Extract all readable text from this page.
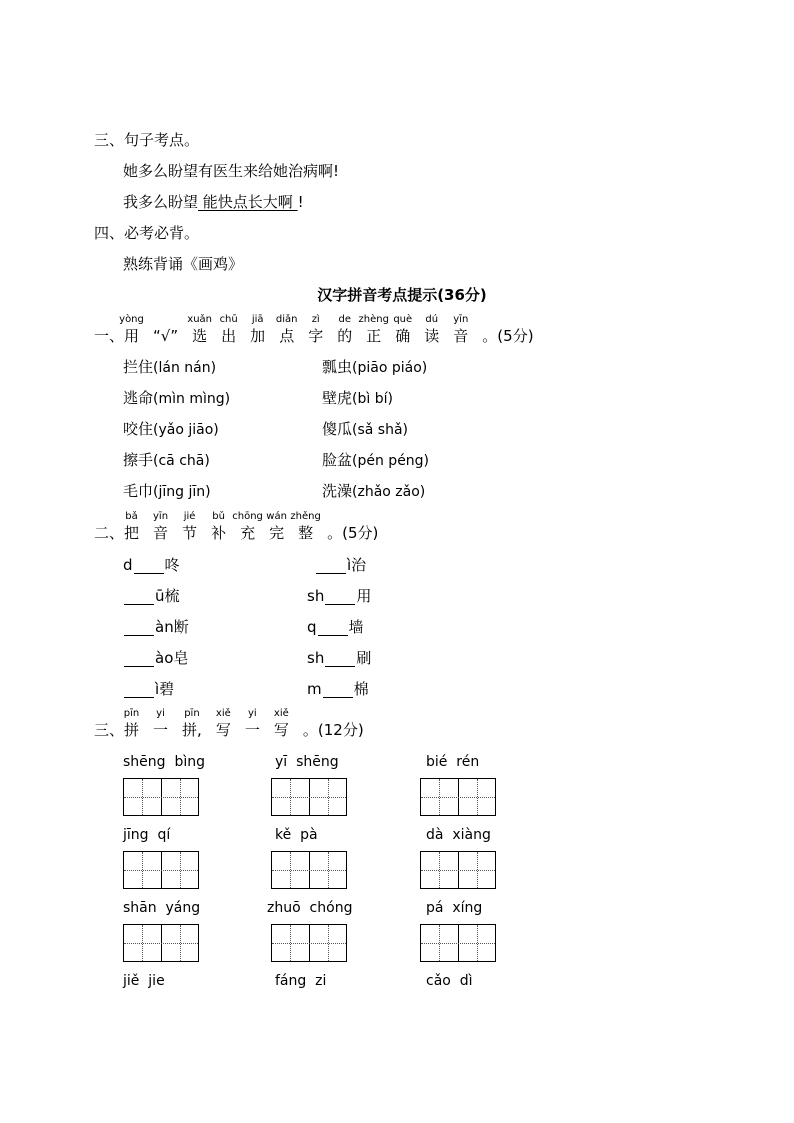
三、句子考点。
她多么盼望有医生来给她治病啊!
我多么盼望 能快点长大啊 !
四、必考必背。
熟练背诵《画鸡》
汉字拼音考点提示(36分)
一、
yòng
用 “√”
xuǎn
选
chū
出
jiā
加
diǎn
点
zì
字
de
的
zhèng
正
què
确
dú
读
yīn
音 。(5分)
拦住(lán nán)	瓢虫(piāo piáo)
逃命(mìn mìng)	壁虎(bì bí)
咬住(yǎo jiāo)	傻瓜(sǎ shǎ)
擦手(cā chā)	脸盆(pén péng)
毛巾(jīng jīn)	洗澡(zhǎo zǎo)
二、
bǎ
把
yīn
音
jié
节
bǔ
补
chōng
充
wán
完
zhěng
整 。(5分)
d 咚	ì治
ū梳	sh 用
àn断	q 墙
ào皂	sh 刷
ì碧	m 棉
三、
pīn
拼
yi
一
pīn
拼,
xiě
写
yi
一
xiě
写 。(12分)
shēng  bìng	yī  shēng	bié  rén
jīng  qí	kě  pà	dà  xiàng
shān  yáng	zhuō  chóng	pá  xíng
jiě  jie	fáng  zi	cǎo  dì
